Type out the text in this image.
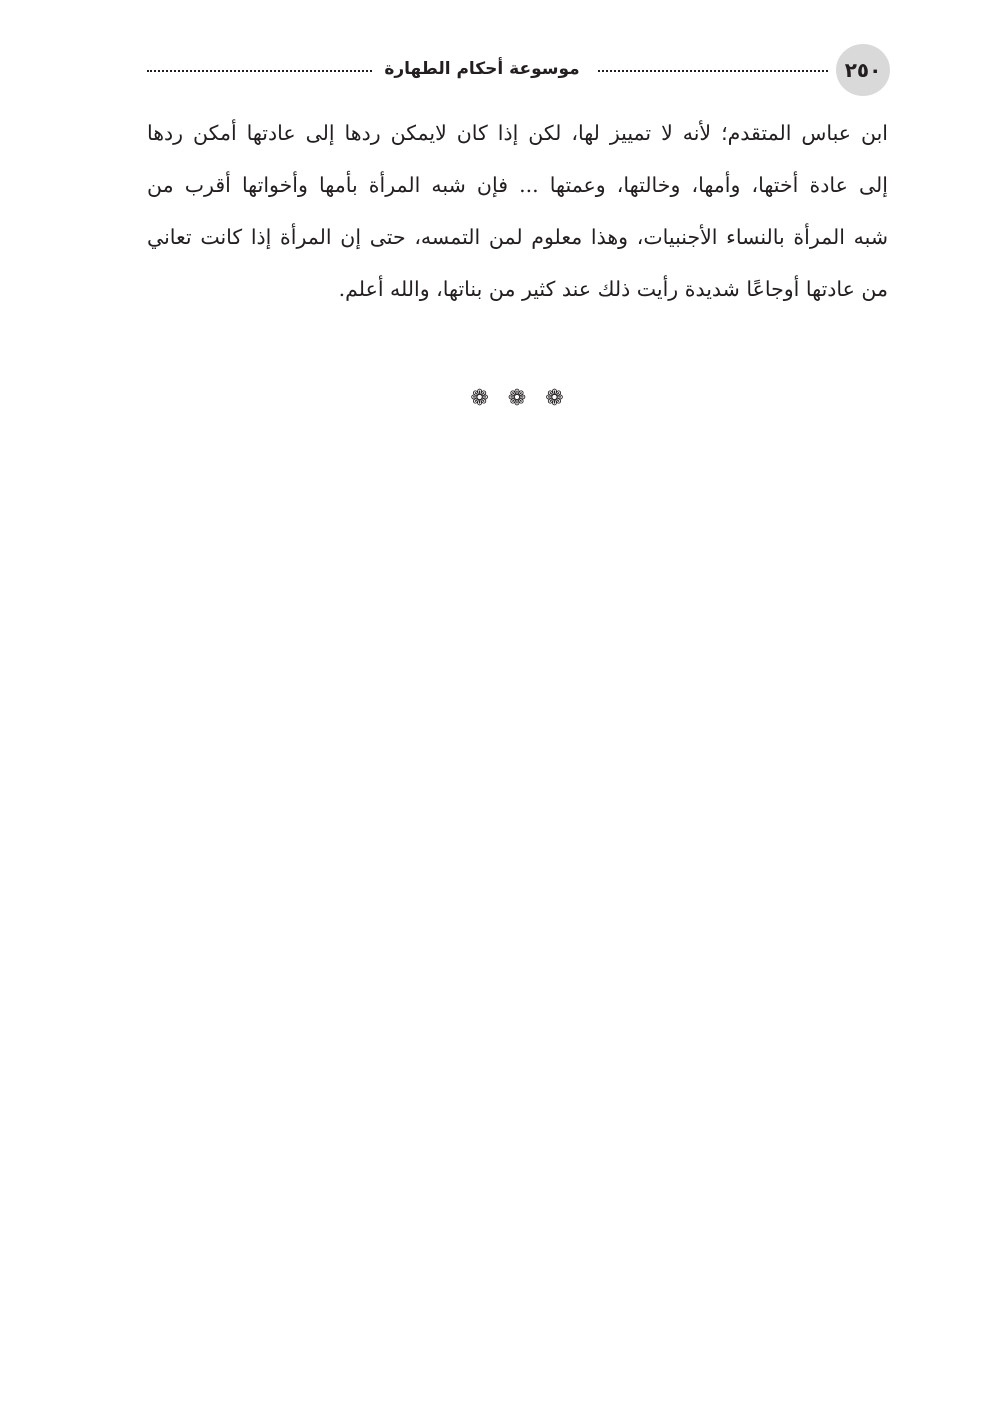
موسوعة أحكام الطهارة	٢٥٠
ابن عباس المتقدم؛ لأنه لا تمييز لها، لكن إذا كان لايمكن ردها إلى عادتها أمكن ردها
إلى عادة أختها، وأمها، وخالتها، وعمتها ... فإن شبه المرأة بأمها وأخواتها أقرب من
شبه المرأة بالنساء الأجنبيات، وهذا معلوم لمن التمسه، حتى إن المرأة إذا كانت تعاني
من عادتها أوجاعًا شديدة رأيت ذلك عند كثير من بناتها، والله أعلم.
❁ ❁ ❁
